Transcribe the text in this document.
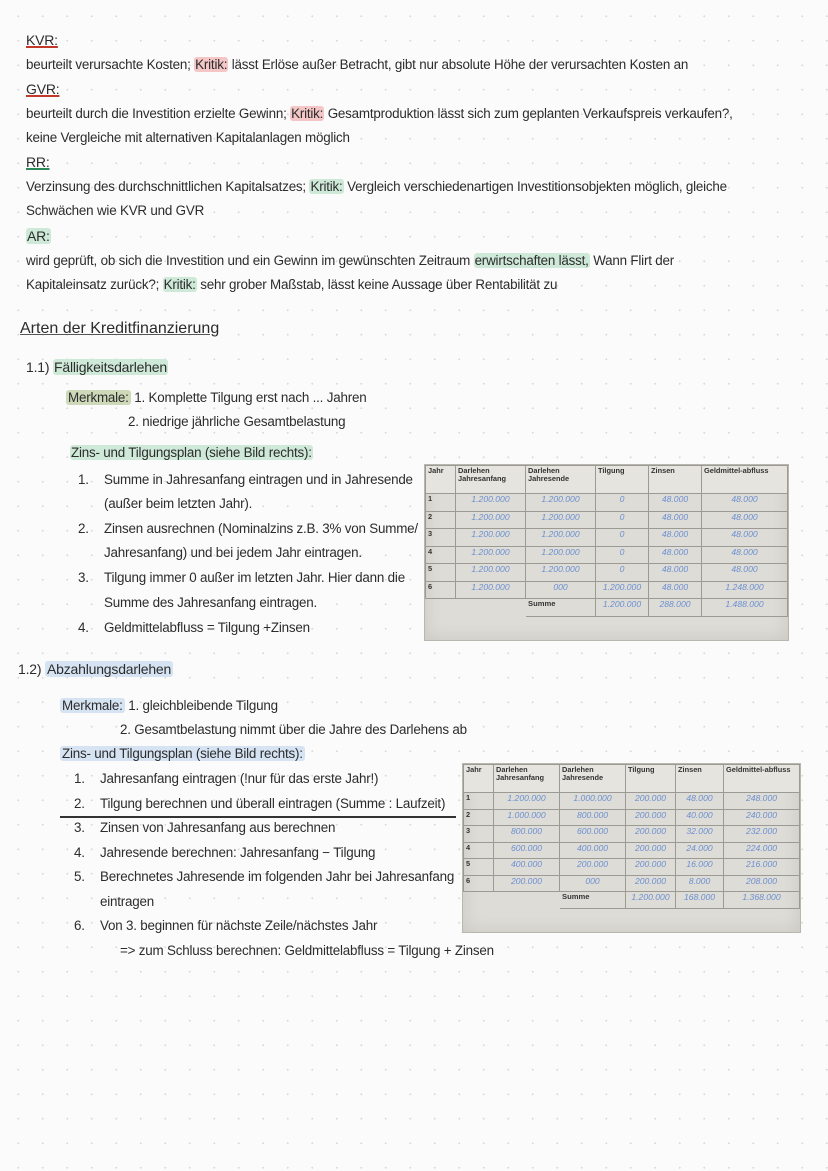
KVR:
beurteilt verursachte Kosten; Kritik: lässt Erlöse außer Betracht, gibt nur absolute Höhe der verursachten Kosten an
GVR:
beurteilt durch die Investition erzielte Gewinn; Kritik: Gesamtproduktion lässt sich zum geplanten Verkaufspreis verkaufen?,
keine Vergleiche mit alternativen Kapitalanlagen möglich
RR:
Verzinsung des durchschnittlichen Kapitalsatzes; Kritik: Vergleich verschiedenartigen Investitionsobjekten möglich, gleiche
Schwächen wie KVR und GVR
AR:
wird geprüft, ob sich die Investition und ein Gewinn im gewünschten Zeitraum erwirtschaften lässt, Wann Flirt der
Kapitaleinsatz zurück?; Kritik: sehr grober Maßstab, lässt keine Aussage über Rentabilität zu
Arten der Kreditfinanzierung
1.1) Fälligkeitsdarlehen
Merkmale: 1. Komplette Tilgung erst nach ... Jahren
2. niedrige jährliche Gesamtbelastung
Zins- und Tilgungsplan (siehe Bild rechts):
1. Summe in Jahresanfang eintragen und in Jahresende
(außer beim letzten Jahr).
2. Zinsen ausrechnen (Nominalzins z.B. 3% von Summe/
Jahresanfang) und bei jedem Jahr eintragen.
3. Tilgung immer 0 außer im letzten Jahr. Hier dann die
Summe des Jahresanfang eintragen.
4. Geldmittelabfluss = Tilgung +Zinsen
Jahr	Darlehen Jahresanfang	Darlehen Jahresende	Tilgung	Zinsen	Geldmittel-abfluss
1	1.200.000	1.200.000	0	48.000	48.000
2	1.200.000	1.200.000	0	48.000	48.000
3	1.200.000	1.200.000	0	48.000	48.000
4	1.200.000	1.200.000	0	48.000	48.000
5	1.200.000	1.200.000	0	48.000	48.000
6	1.200.000	000	1.200.000	48.000	1.248.000
		Summe	1.200.000	288.000	1.488.000
1.2) Abzahlungsdarlehen
Merkmale: 1. gleichbleibende Tilgung
2. Gesamtbelastung nimmt über die Jahre des Darlehens ab
Zins- und Tilgungsplan (siehe Bild rechts):
1. Jahresanfang eintragen (!nur für das erste Jahr!)
2. Tilgung berechnen und überall eintragen (Summe : Laufzeit)
3. Zinsen von Jahresanfang aus berechnen
4. Jahresende berechnen: Jahresanfang − Tilgung
5. Berechnetes Jahresende im folgenden Jahr bei Jahresanfang
eintragen
6. Von 3. beginnen für nächste Zeile/nächstes Jahr
=> zum Schluss berechnen: Geldmittelabfluss = Tilgung + Zinsen
Jahr	Darlehen Jahresanfang	Darlehen Jahresende	Tilgung	Zinsen	Geldmittel-abfluss
1	1.200.000	1.000.000	200.000	48.000	248.000
2	1.000.000	800.000	200.000	40.000	240.000
3	800.000	600.000	200.000	32.000	232.000
4	600.000	400.000	200.000	24.000	224.000
5	400.000	200.000	200.000	16.000	216.000
6	200.000	000	200.000	8.000	208.000
		Summe	1.200.000	168.000	1.368.000
